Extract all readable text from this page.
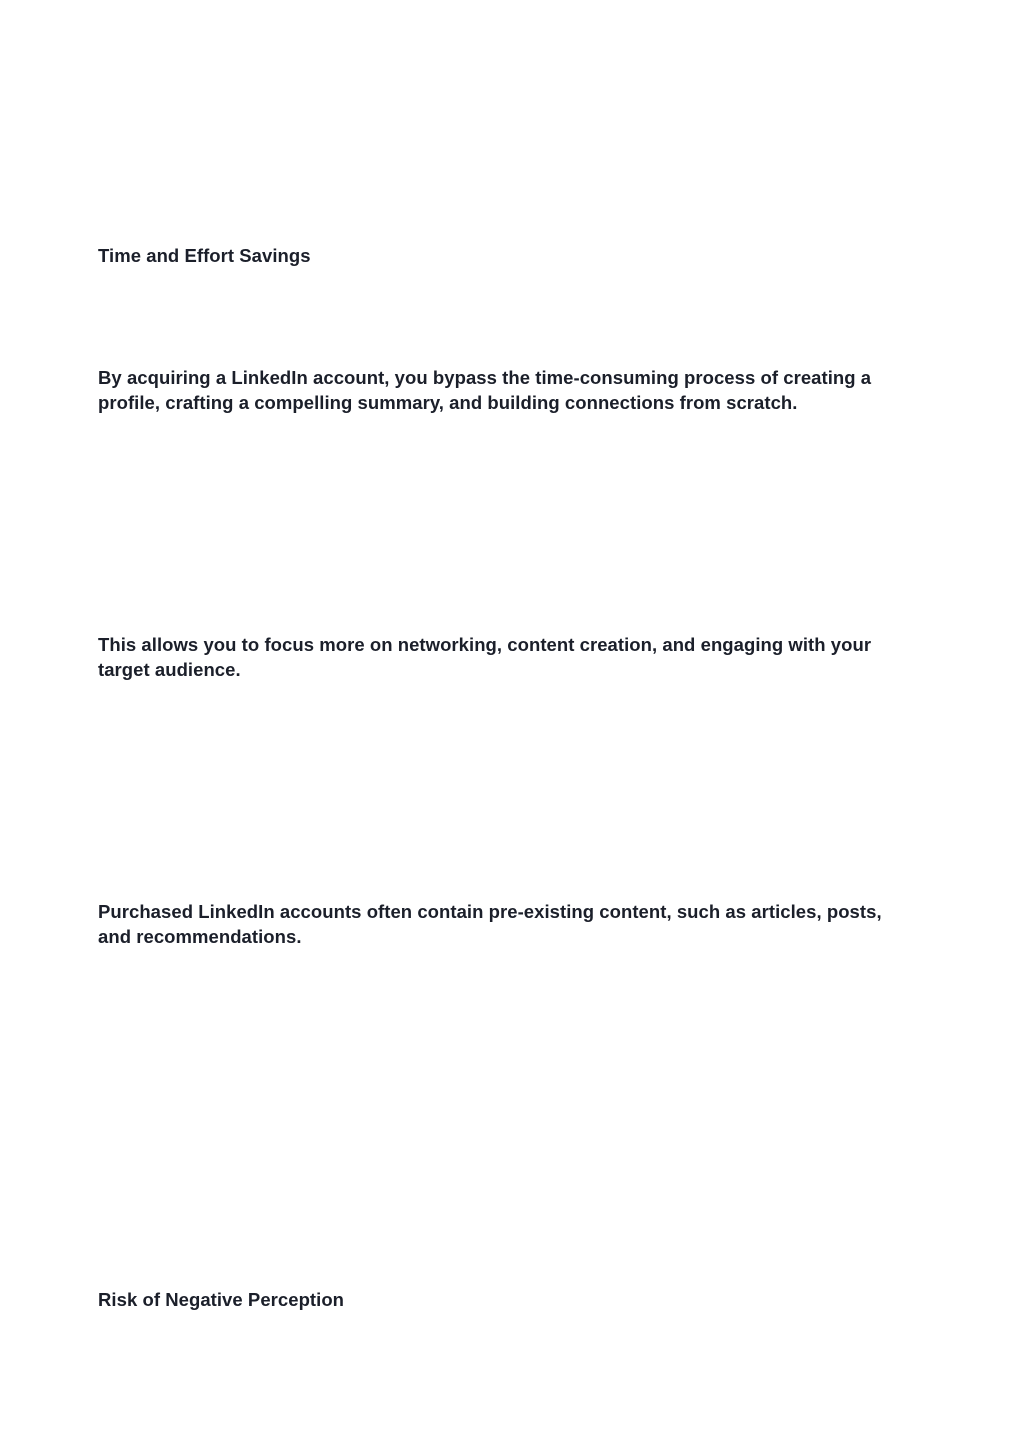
Time and Effort Savings

By acquiring a LinkedIn account, you bypass the time-consuming process of creating a profile, crafting a compelling summary, and building connections from scratch.

This allows you to focus more on networking, content creation, and engaging with your target audience.

Purchased LinkedIn accounts often contain pre-existing content, such as articles, posts, and recommendations.

Risk of Negative Perception
